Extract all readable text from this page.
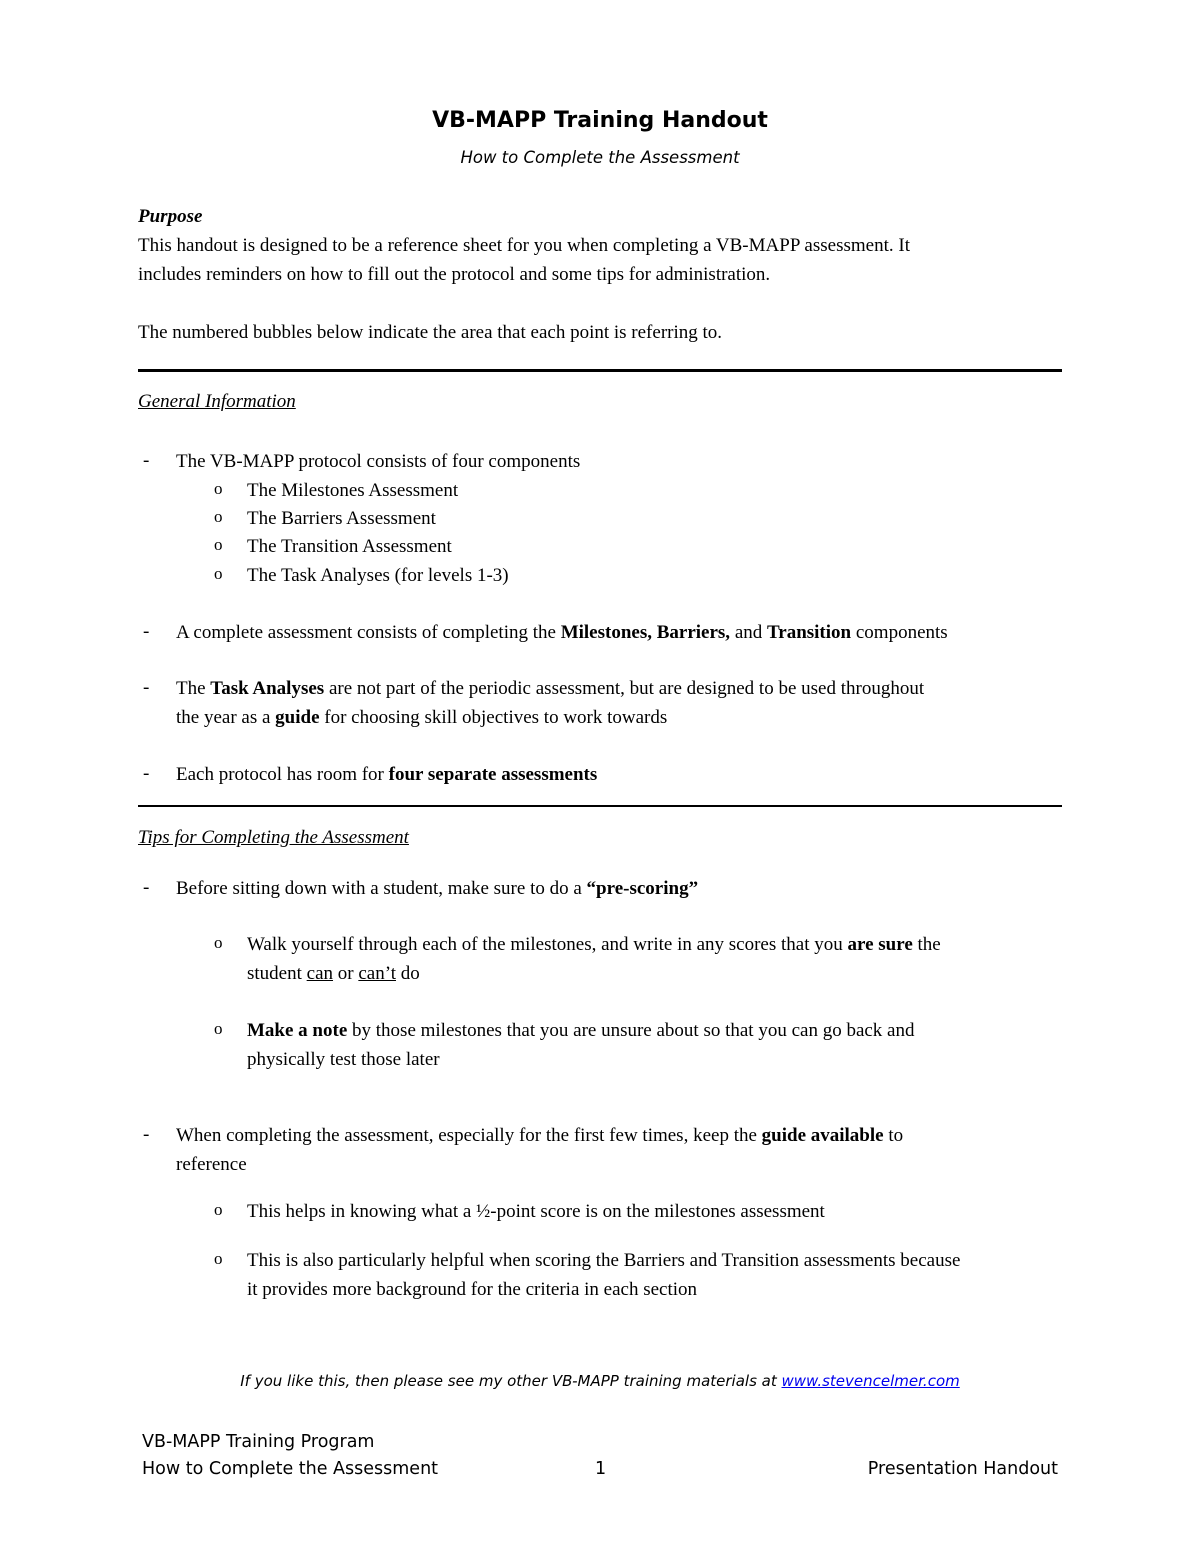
VB-MAPP Training Handout
How to Complete the Assessment
Purpose
This handout is designed to be a reference sheet for you when completing a VB-MAPP assessment. It
includes reminders on how to fill out the protocol and some tips for administration.
The numbered bubbles below indicate the area that each point is referring to.
General Information
- The VB-MAPP protocol consists of four components
o The Milestones Assessment
o The Barriers Assessment
o The Transition Assessment
o The Task Analyses (for levels 1-3)
- A complete assessment consists of completing the Milestones, Barriers, and Transition components
- The Task Analyses are not part of the periodic assessment, but are designed to be used throughout
the year as a guide for choosing skill objectives to work towards
- Each protocol has room for four separate assessments
Tips for Completing the Assessment
- Before sitting down with a student, make sure to do a “pre-scoring”
o Walk yourself through each of the milestones, and write in any scores that you are sure the
student can or can’t do
o Make a note by those milestones that you are unsure about so that you can go back and
physically test those later
- When completing the assessment, especially for the first few times, keep the guide available to
reference
o This helps in knowing what a ½-point score is on the milestones assessment
o This is also particularly helpful when scoring the Barriers and Transition assessments because
it provides more background for the criteria in each section
If you like this, then please see my other VB-MAPP training materials at www.stevencelmer.com
VB-MAPP Training Program
How to Complete the Assessment	1	Presentation Handout
